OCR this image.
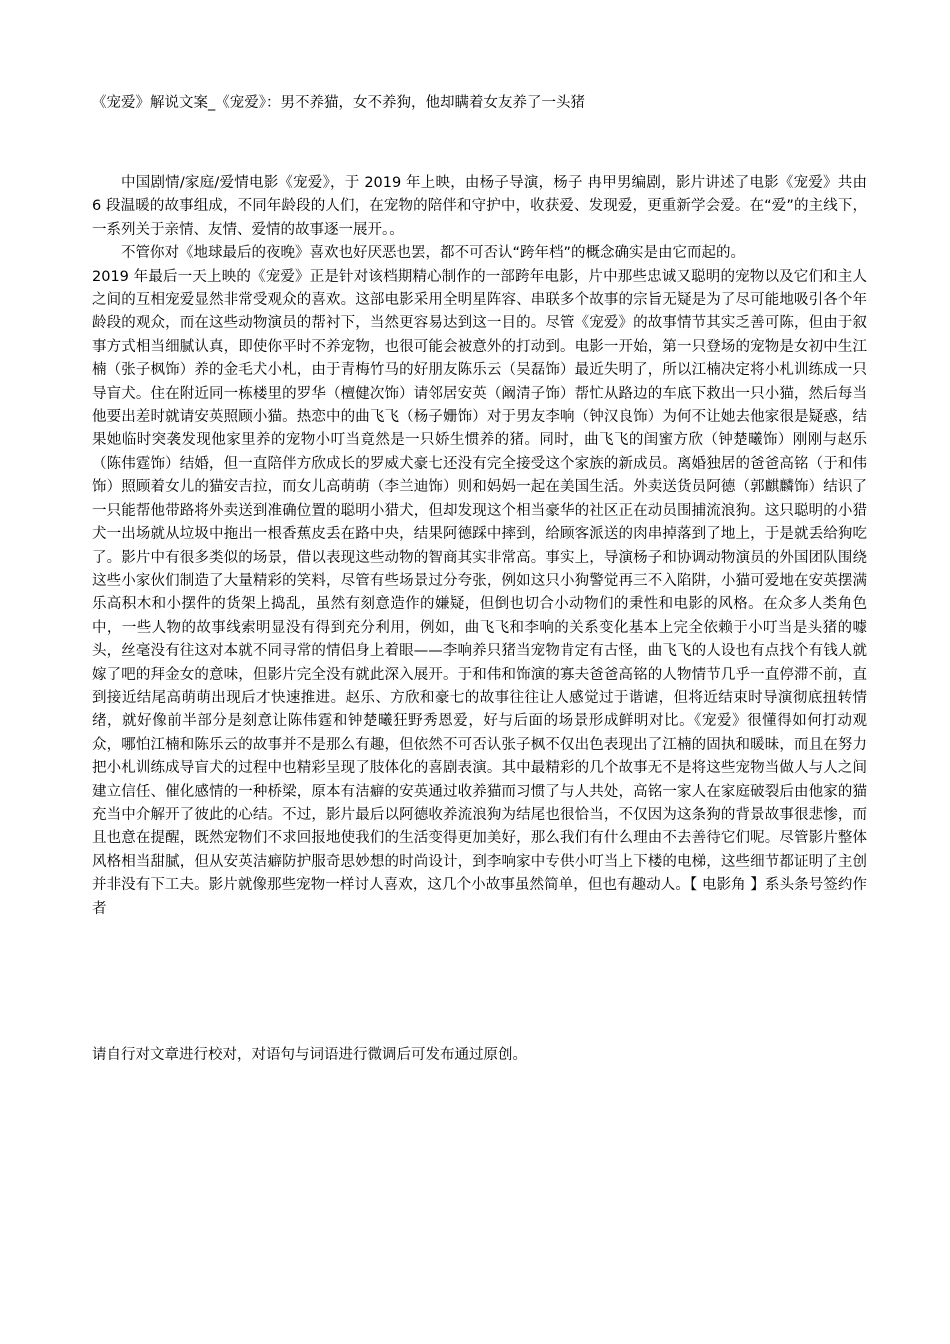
《宠爱》解说文案_《宠爱》：男不养猫，女不养狗，他却瞒着女友养了一头猪

中国剧情/家庭/爱情电影《宠爱》，于 2019 年上映，由杨子导演，杨子 冉甲男编剧，影片讲述了电影《宠爱》共由 6 段温暖的故事组成，不同年龄段的人们，在宠物的陪伴和守护中，收获爱、发现爱，更重新学会爱。在“爱”的主线下，一系列关于亲情、友情、爱情的故事逐一展开。。

不管你对《地球最后的夜晚》喜欢也好厌恶也罢，都不可否认“跨年档”的概念确实是由它而起的。

2019 年最后一天上映的《宠爱》正是针对该档期精心制作的一部跨年电影，片中那些忠诚又聪明的宠物以及它们和主人之间的互相宠爱显然非常受观众的喜欢。这部电影采用全明星阵容、串联多个故事的宗旨无疑是为了尽可能地吸引各个年龄段的观众，而在这些动物演员的帮衬下，当然更容易达到这一目的。尽管《宠爱》的故事情节其实乏善可陈，但由于叙事方式相当细腻认真，即使你平时不养宠物，也很可能会被意外的打动到。电影一开始，第一只登场的宠物是女初中生江楠（张子枫饰）养的金毛犬小札，由于青梅竹马的好朋友陈乐云（吴磊饰）最近失明了，所以江楠决定将小札训练成一只导盲犬。住在附近同一栋楼里的罗华（檀健次饰）请邻居安英（阚清子饰）帮忙从路边的车底下救出一只小猫，然后每当他要出差时就请安英照顾小猫。热恋中的曲飞飞（杨子姗饰）对于男友李响（钟汉良饰）为何不让她去他家很是疑惑，结果她临时突袭发现他家里养的宠物小叮当竟然是一只娇生惯养的猪。同时，曲飞飞的闺蜜方欣（钟楚曦饰）刚刚与赵乐（陈伟霆饰）结婚，但一直陪伴方欣成长的罗威犬豪七还没有完全接受这个家族的新成员。离婚独居的爸爸高铭（于和伟饰）照顾着女儿的猫安吉拉，而女儿高萌萌（李兰迪饰）则和妈妈一起在美国生活。外卖送货员阿德（郭麒麟饰）结识了一只能帮他带路将外卖送到准确位置的聪明小猎犬，但却发现这个相当豪华的社区正在动员围捕流浪狗。这只聪明的小猎犬一出场就从垃圾中拖出一根香蕉皮丢在路中央，结果阿德踩中摔到，给顾客派送的肉串掉落到了地上，于是就丢给狗吃了。影片中有很多类似的场景，借以表现这些动物的智商其实非常高。事实上，导演杨子和协调动物演员的外国团队围绕这些小家伙们制造了大量精彩的笑料，尽管有些场景过分夸张，例如这只小狗警觉再三不入陷阱，小猫可爱地在安英摆满乐高积木和小摆件的货架上捣乱，虽然有刻意造作的嫌疑，但倒也切合小动物们的秉性和电影的风格。在众多人类角色中，一些人物的故事线索明显没有得到充分利用，例如，曲飞飞和李响的关系变化基本上完全依赖于小叮当是头猪的噱头，丝毫没有往这对本就不同寻常的情侣身上着眼——李响养只猪当宠物肯定有古怪，曲飞飞的人设也有点找个有钱人就嫁了吧的拜金女的意味，但影片完全没有就此深入展开。于和伟和饰演的寡夫爸爸高铭的人物情节几乎一直停滞不前，直到接近结尾高萌萌出现后才快速推进。赵乐、方欣和豪七的故事往往让人感觉过于谐谑，但将近结束时导演彻底扭转情绪，就好像前半部分是刻意让陈伟霆和钟楚曦狂野秀恩爱，好与后面的场景形成鲜明对比。《宠爱》很懂得如何打动观众，哪怕江楠和陈乐云的故事并不是那么有趣，但依然不可否认张子枫不仅出色表现出了江楠的固执和暖昧，而且在努力把小札训练成导盲犬的过程中也精彩呈现了肢体化的喜剧表演。其中最精彩的几个故事无不是将这些宠物当做人与人之间建立信任、催化感情的一种桥梁，原本有洁癖的安英通过收养猫而习惯了与人共处，高铭一家人在家庭破裂后由他家的猫充当中介解开了彼此的心结。不过，影片最后以阿德收养流浪狗为结尾也很恰当，不仅因为这条狗的背景故事很悲惨，而且也意在提醒，既然宠物们不求回报地使我们的生活变得更加美好，那么我们有什么理由不去善待它们呢。尽管影片整体风格相当甜腻，但从安英洁癖防护服奇思妙想的时尚设计，到李响家中专供小叮当上下楼的电梯，这些细节都证明了主创并非没有下工夫。影片就像那些宠物一样讨人喜欢，这几个小故事虽然简单，但也有趣动人。【 电影角 】系头条号签约作者

请自行对文章进行校对，对语句与词语进行微调后可发布通过原创。
